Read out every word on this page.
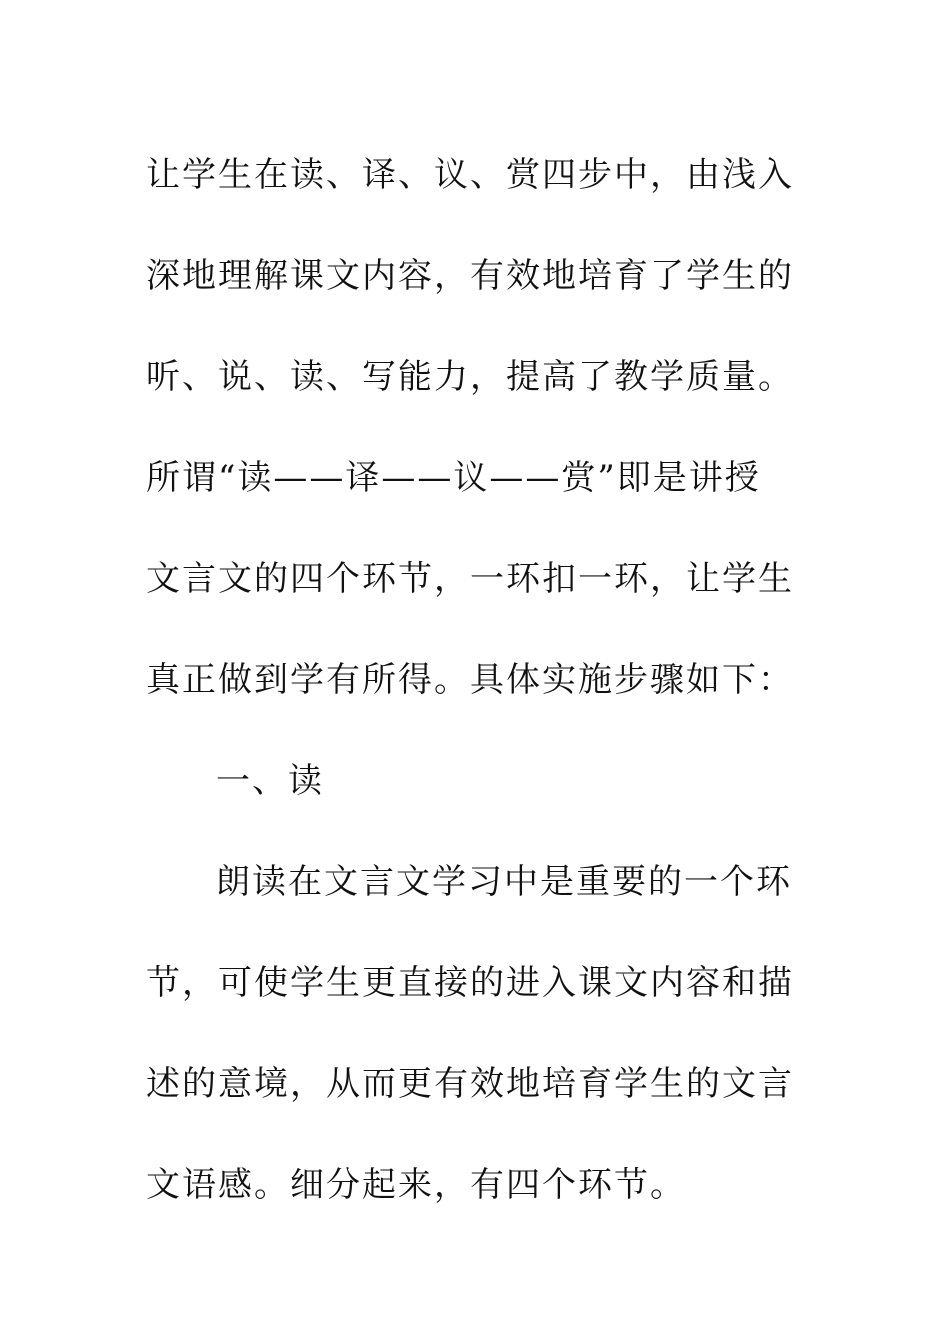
让学生在读、译、议、赏四步中，由浅入
深地理解课文内容，有效地培育了学生的
听、说、读、写能力，提高了教学质量。
所谓“读——译——议——赏”即是讲授
文言文的四个环节，一环扣一环，让学生
真正做到学有所得。具体实施步骤如下：
一、读
朗读在文言文学习中是重要的一个环
节，可使学生更直接的进入课文内容和描
述的意境，从而更有效地培育学生的文言
文语感。细分起来，有四个环节。
